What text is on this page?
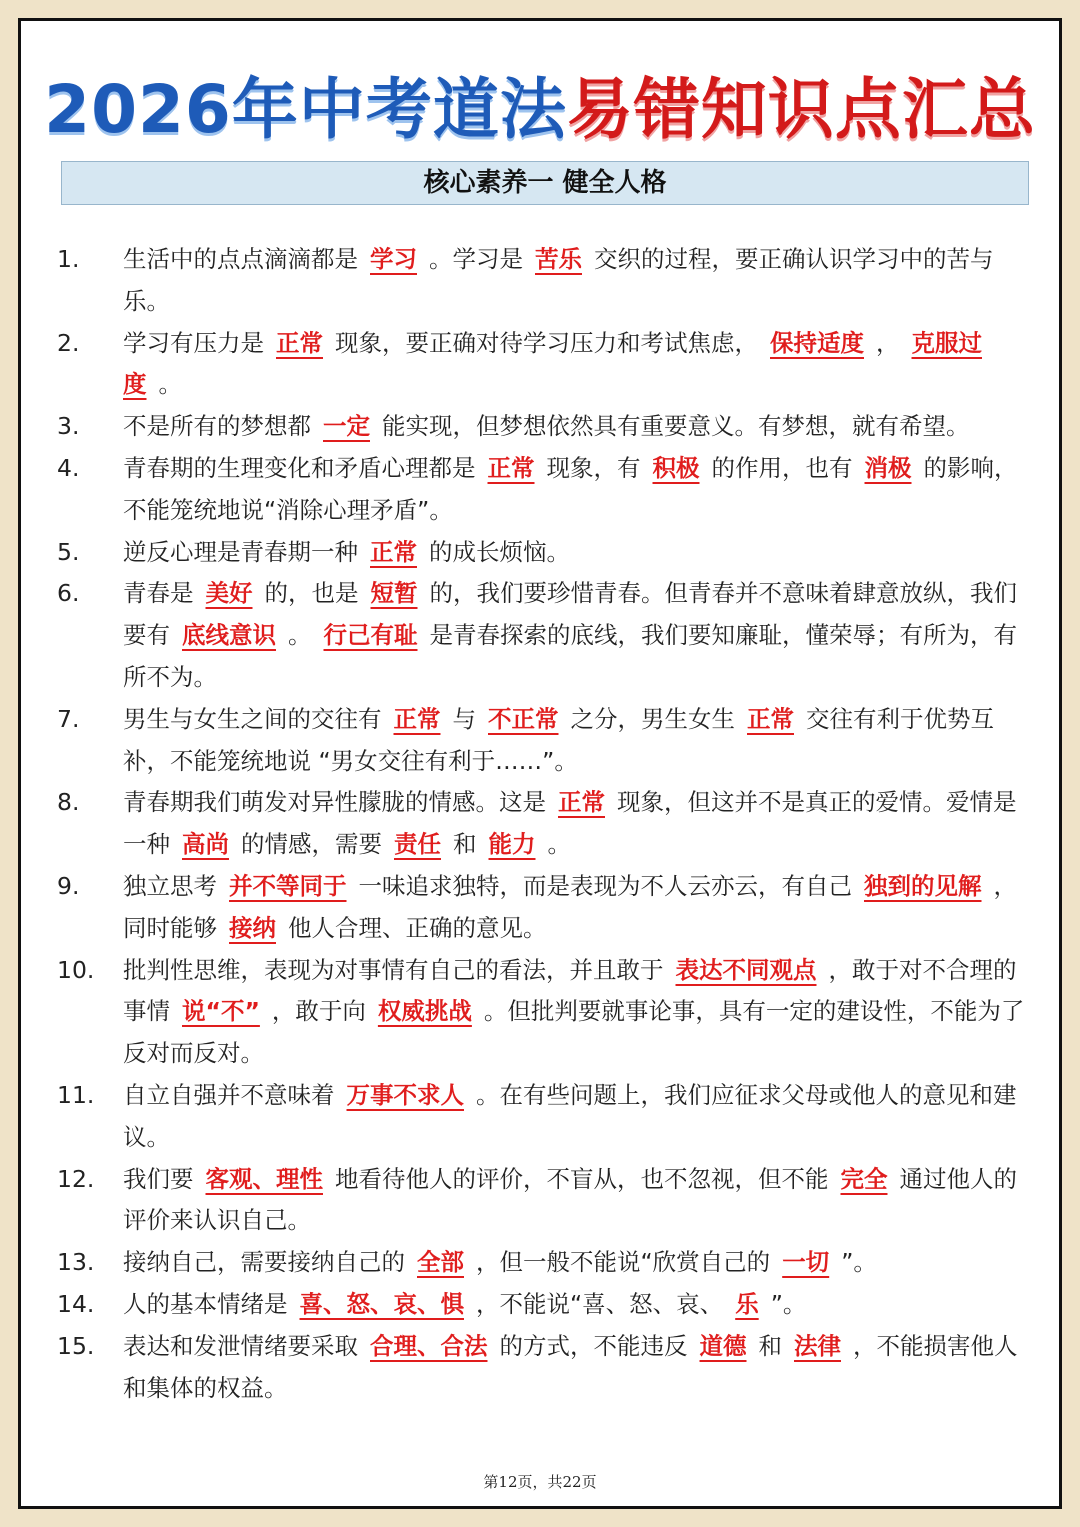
2026年中考道法易错知识点汇总
核心素养一 健全人格
1. 生活中的点点滴滴都是 学习 。学习是 苦乐 交织的过程，要正确认识学习中的苦与乐。
2. 学习有压力是 正常 现象，要正确对待学习压力和考试焦虑， 保持适度 ， 克服过度 。
3. 不是所有的梦想都 一定 能实现，但梦想依然具有重要意义。有梦想，就有希望。
4. 青春期的生理变化和矛盾心理都是 正常 现象，有 积极 的作用，也有 消极 的影响，不能笼统地说“消除心理矛盾”。
5. 逆反心理是青春期一种 正常 的成长烦恼。
6. 青春是 美好 的，也是 短暂 的，我们要珍惜青春。但青春并不意味着肆意放纵，我们要有 底线意识 。 行己有耻 是青春探索的底线，我们要知廉耻，懂荣辱；有所为，有所不为。
7. 男生与女生之间的交往有 正常 与 不正常 之分，男生女生 正常 交往有利于优势互补，不能笼统地说 “男女交往有利于……”。
8. 青春期我们萌发对异性朦胧的情感。这是 正常 现象，但这并不是真正的爱情。爱情是一种 高尚 的情感，需要 责任 和 能力 。
9. 独立思考 并不等同于 一味追求独特，而是表现为不人云亦云，有自己 独到的见解 ，同时能够 接纳 他人合理、正确的意见。
10. 批判性思维，表现为对事情有自己的看法，并且敢于 表达不同观点 ，敢于对不合理的事情 说“不” ，敢于向 权威挑战 。但批判要就事论事，具有一定的建设性，不能为了反对而反对。
11. 自立自强并不意味着 万事不求人 。在有些问题上，我们应征求父母或他人的意见和建议。
12. 我们要 客观、理性 地看待他人的评价，不盲从，也不忽视，但不能 完全 通过他人的评价来认识自己。
13. 接纳自己，需要接纳自己的 全部 ，但一般不能说“欣赏自己的 一切 ”。
14. 人的基本情绪是 喜、怒、哀、惧 ，不能说“喜、怒、哀、 乐 ”。
15. 表达和发泄情绪要采取 合理、合法 的方式，不能违反 道德 和 法律 ，不能损害他人和集体的权益。
第12页，共22页
